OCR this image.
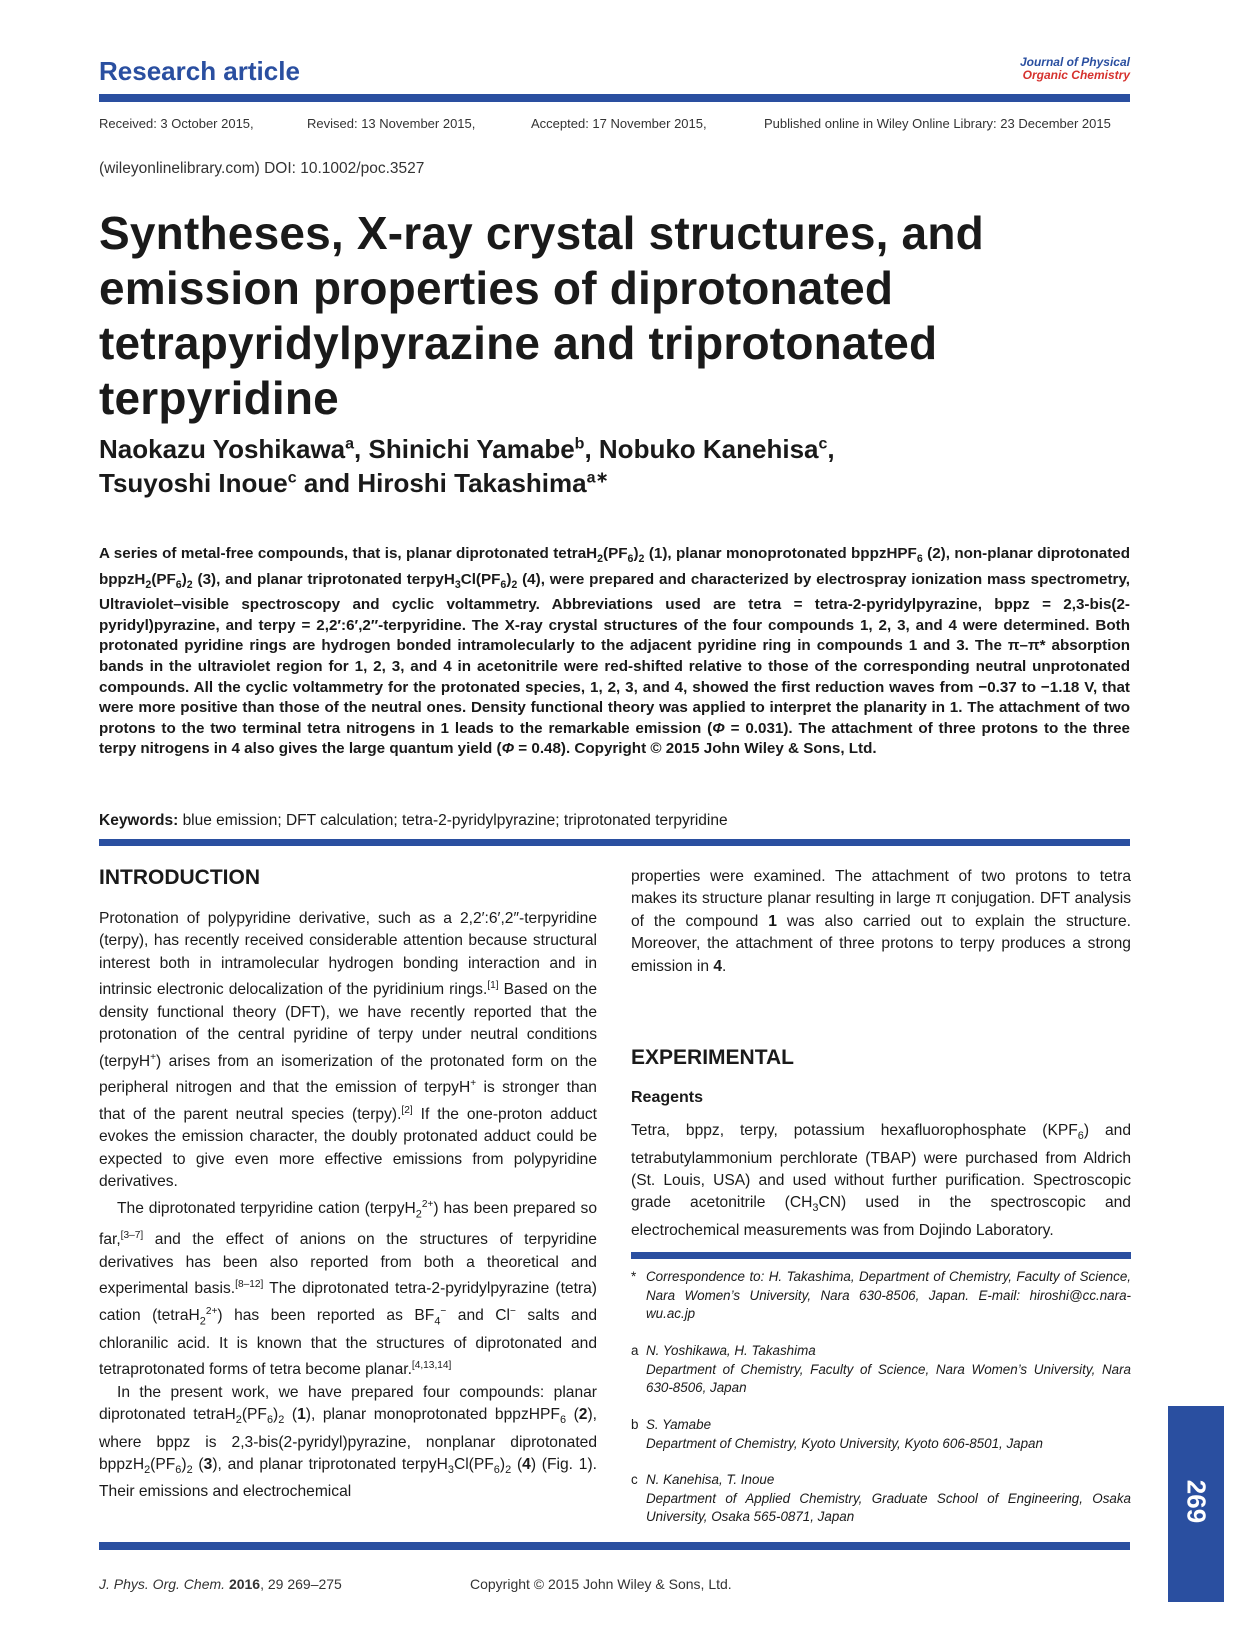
Research article	Journal of Physical
Organic Chemistry
Received: 3 October 2015,	Revised: 13 November 2015,	Accepted: 17 November 2015,	Published online in Wiley Online Library: 23 December 2015
(wileyonlinelibrary.com) DOI: 10.1002/poc.3527
Syntheses, X-ray crystal structures, and emission properties of diprotonated tetrapyridylpyrazine and triprotonated terpyridine

Naokazu Yoshikawa$^a$, Shinichi Yamabe$^b$, Nobuko Kanehisa$^c$,
Tsuyoshi Inoue$^c$ and Hiroshi Takashima$^{a∗}$

A series of metal-free compounds, that is, planar diprotonated $tetraH_2(PF_6)_2$ (1), planar monoprotonated bppzHPF$_6$ (2), non-planar diprotonated $bppzH_2(PF_6)_2$ (3), and planar triprotonated $terpyH_3Cl(PF_6)_2$ (4), were prepared and characterized by electrospray ionization mass spectrometry, Ultraviolet–visible spectroscopy and cyclic voltammetry. Abbreviations used are tetra = tetra-2-pyridylpyrazine, bppz = 2,3-bis(2-pyridyl)pyrazine, and terpy = 2,2′:6′,2″-terpyridine. The X-ray crystal structures of the four compounds 1, 2, 3, and 4 were determined. Both protonated pyridine rings are hydrogen bonded intramolecularly to the adjacent pyridine ring in compounds 1 and 3. The π–π* absorption bands in the ultraviolet region for 1, 2, 3, and 4 in acetonitrile were red-shifted relative to those of the corresponding neutral unprotonated compounds. All the cyclic voltammetry for the protonated species, 1, 2, 3, and 4, showed the first reduction waves from −0.37 to −1.18 V, that were more positive than those of the neutral ones. Density functional theory was applied to interpret the planarity in 1. The attachment of two protons to the two terminal tetra nitrogens in 1 leads to the remarkable emission (Φ = 0.031). The attachment of three protons to the three terpy nitrogens in 4 also gives the large quantum yield (Φ = 0.48). Copyright © 2015 John Wiley & Sons, Ltd.

Keywords: blue emission; DFT calculation; tetra-2-pyridylpyrazine; triprotonated terpyridine
INTRODUCTION

Protonation of polypyridine derivative, such as a 2,2′:6′,2″-terpyridine (terpy), has recently received considerable attention because structural interest both in intramolecular hydrogen bonding interaction and in intrinsic electronic delocalization of the pyridinium rings.[1] Based on the density functional theory (DFT), we have recently reported that the protonation of the central pyridine of terpy under neutral conditions (terpyH+) arises from an isomerization of the protonated form on the peripheral nitrogen and that the emission of terpyH+ is stronger than that of the parent neutral species (terpy).[2] If the one-proton adduct evokes the emission character, the doubly protonated adduct could be expected to give even more effective emissions from polypyridine derivatives.

The diprotonated terpyridine cation (terpyH$_2^{2+}$) has been prepared so far,[3–7] and the effect of anions on the structures of terpyridine derivatives has been also reported from both a theoretical and experimental basis.[8–12] The diprotonated tetra-2-pyridylpyrazine (tetra) cation (tetraH$_2^{2+}$) has been reported as $BF_4^-$ and Cl− salts and chloranilic acid. It is known that the structures of diprotonated and tetraprotonated forms of tetra become planar.[4,13,14]

In the present work, we have prepared four compounds: planar diprotonated $tetraH_2(PF_6)_2$ (1), planar monoprotonated bppzHPF$_6$ (2), where bppz is 2,3-bis(2-pyridyl)pyrazine, nonplanar diprotonated $bppzH_2(PF_6)_2$ (3), and planar triprotonated $terpyH_3Cl(PF_6)_2$ (4) (Fig. 1). Their emissions and electrochemical

properties were examined. The attachment of two protons to tetra makes its structure planar resulting in large π conjugation. DFT analysis of the compound 1 was also carried out to explain the structure. Moreover, the attachment of three protons to terpy produces a strong emission in 4.

EXPERIMENTAL
Reagents

Tetra, bppz, terpy, potassium hexafluorophosphate $(KPF_6)$ and tetrabutylammonium perchlorate (TBAP) were purchased from Aldrich (St. Louis, USA) and used without further purification. Spectroscopic grade acetonitrile $(CH_3CN)$ used in the spectroscopic and electrochemical measurements was from Dojindo Laboratory.

* Correspondence to: H. Takashima, Department of Chemistry, Faculty of Science, Nara Women’s University, Nara 630-8506, Japan. E-mail: hiroshi@cc.nara-wu.ac.jp
a N. Yoshikawa, H. Takashima
Department of Chemistry, Faculty of Science, Nara Women’s University, Nara 630-8506, Japan
b S. Yamabe
Department of Chemistry, Kyoto University, Kyoto 606-8501, Japan
c N. Kanehisa, T. Inoue
Department of Applied Chemistry, Graduate School of Engineering, Osaka University, Osaka 565-0871, Japan
J. Phys. Org. Chem. 2016, 29 269–275	Copyright © 2015 John Wiley & Sons, Ltd.
269
